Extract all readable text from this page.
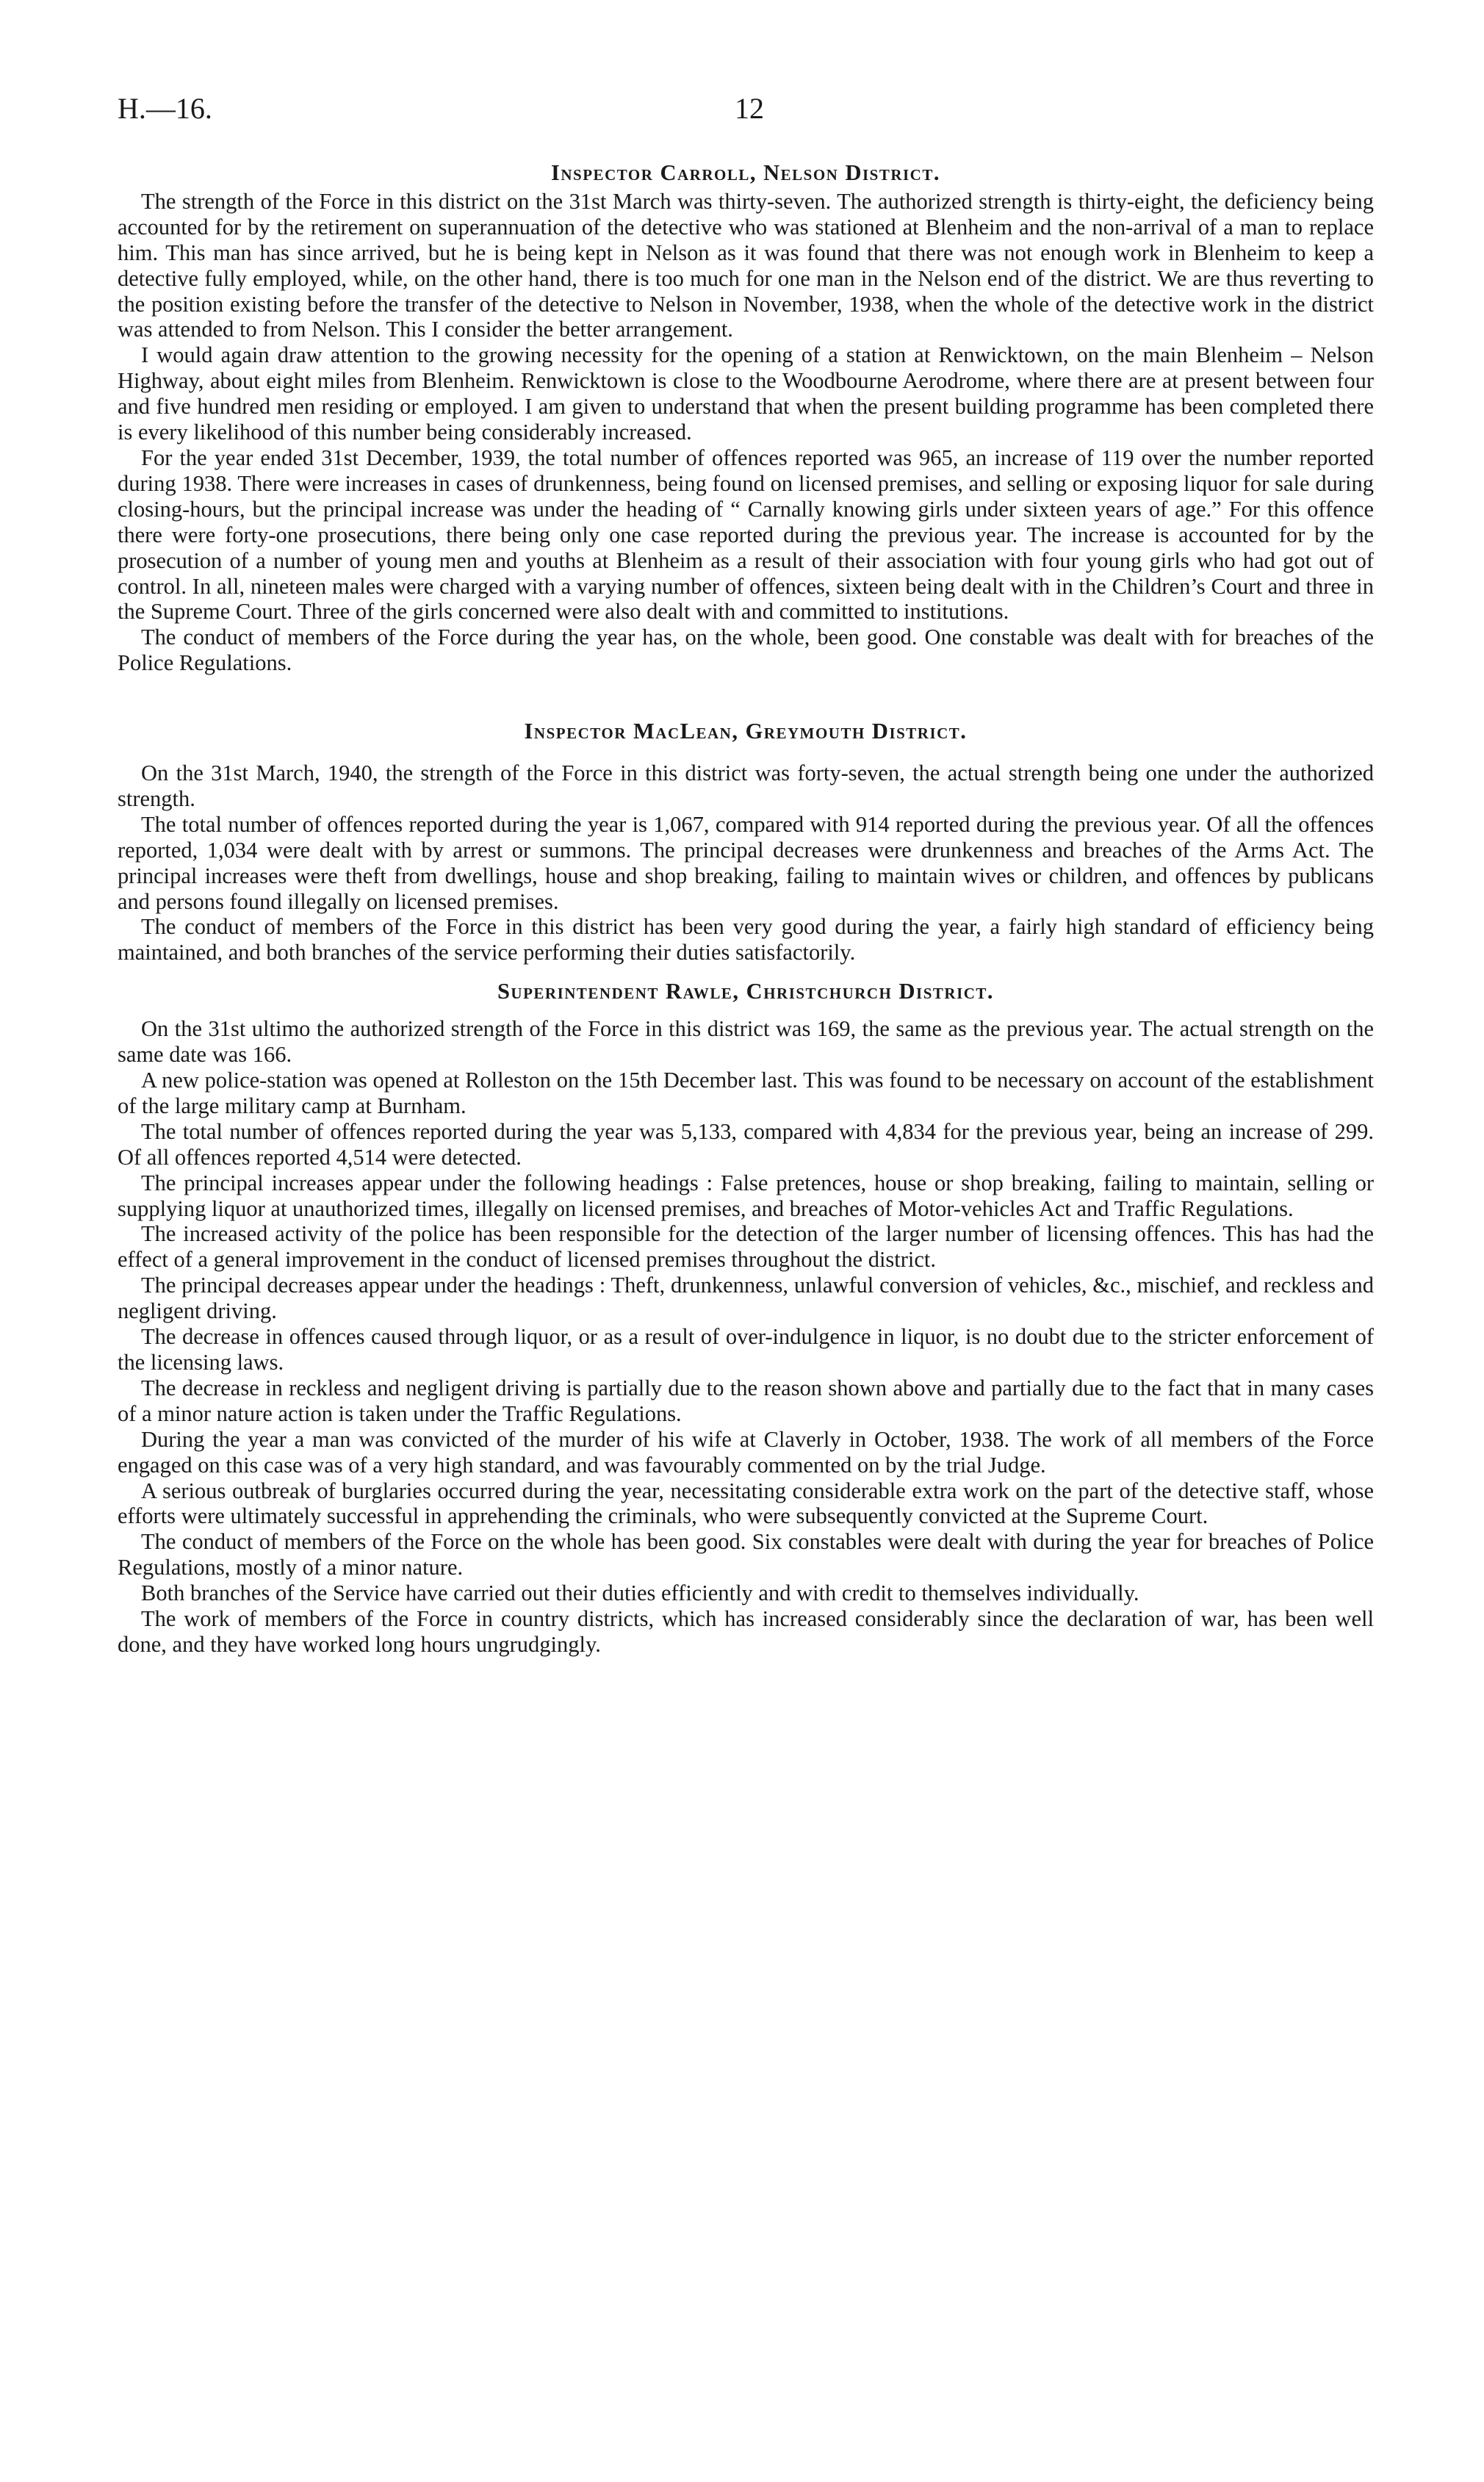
H.—16.	12
Inspector Carroll, Nelson District.

The strength of the Force in this district on the 31st March was thirty-seven. The authorized strength is thirty-eight, the deficiency being accounted for by the retirement on superannuation of the detective who was stationed at Blenheim and the non-arrival of a man to replace him. This man has since arrived, but he is being kept in Nelson as it was found that there was not enough work in Blenheim to keep a detective fully employed, while, on the other hand, there is too much for one man in the Nelson end of the district. We are thus reverting to the position existing before the transfer of the detective to Nelson in November, 1938, when the whole of the detective work in the district was attended to from Nelson. This I consider the better arrangement.

I would again draw attention to the growing necessity for the opening of a station at Renwicktown, on the main Blenheim – Nelson Highway, about eight miles from Blenheim. Renwicktown is close to the Woodbourne Aerodrome, where there are at present between four and five hundred men residing or employed. I am given to understand that when the present building programme has been completed there is every likelihood of this number being considerably increased.

For the year ended 31st December, 1939, the total number of offences reported was 965, an increase of 119 over the number reported during 1938. There were increases in cases of drunkenness, being found on licensed premises, and selling or exposing liquor for sale during closing-hours, but the principal increase was under the heading of “ Carnally knowing girls under sixteen years of age.” For this offence there were forty-one prosecutions, there being only one case reported during the previous year. The increase is accounted for by the prosecution of a number of young men and youths at Blenheim as a result of their association with four young girls who had got out of control. In all, nineteen males were charged with a varying number of offences, sixteen being dealt with in the Children’s Court and three in the Supreme Court. Three of the girls concerned were also dealt with and committed to institutions.

The conduct of members of the Force during the year has, on the whole, been good. One constable was dealt with for breaches of the Police Regulations.

Inspector MacLean, Greymouth District.

On the 31st March, 1940, the strength of the Force in this district was forty-seven, the actual strength being one under the authorized strength.

The total number of offences reported during the year is 1,067, compared with 914 reported during the previous year. Of all the offences reported, 1,034 were dealt with by arrest or summons. The principal decreases were drunkenness and breaches of the Arms Act. The principal increases were theft from dwellings, house and shop breaking, failing to maintain wives or children, and offences by publicans and persons found illegally on licensed premises.

The conduct of members of the Force in this district has been very good during the year, a fairly high standard of efficiency being maintained, and both branches of the service performing their duties satisfactorily.

Superintendent Rawle, Christchurch District.

On the 31st ultimo the authorized strength of the Force in this district was 169, the same as the previous year. The actual strength on the same date was 166.

A new police-station was opened at Rolleston on the 15th December last. This was found to be necessary on account of the establishment of the large military camp at Burnham.

The total number of offences reported during the year was 5,133, compared with 4,834 for the previous year, being an increase of 299. Of all offences reported 4,514 were detected.

The principal increases appear under the following headings : False pretences, house or shop breaking, failing to maintain, selling or supplying liquor at unauthorized times, illegally on licensed premises, and breaches of Motor-vehicles Act and Traffic Regulations.

The increased activity of the police has been responsible for the detection of the larger number of licensing offences. This has had the effect of a general improvement in the conduct of licensed premises throughout the district.

The principal decreases appear under the headings : Theft, drunkenness, unlawful conversion of vehicles, &c., mischief, and reckless and negligent driving.

The decrease in offences caused through liquor, or as a result of over-indulgence in liquor, is no doubt due to the stricter enforcement of the licensing laws.

The decrease in reckless and negligent driving is partially due to the reason shown above and partially due to the fact that in many cases of a minor nature action is taken under the Traffic Regulations.

During the year a man was convicted of the murder of his wife at Claverly in October, 1938. The work of all members of the Force engaged on this case was of a very high standard, and was favourably commented on by the trial Judge.

A serious outbreak of burglaries occurred during the year, necessitating considerable extra work on the part of the detective staff, whose efforts were ultimately successful in apprehending the criminals, who were subsequently convicted at the Supreme Court.

The conduct of members of the Force on the whole has been good. Six constables were dealt with during the year for breaches of Police Regulations, mostly of a minor nature.

Both branches of the Service have carried out their duties efficiently and with credit to themselves individually.

The work of members of the Force in country districts, which has increased considerably since the declaration of war, has been well done, and they have worked long hours ungrudgingly.
